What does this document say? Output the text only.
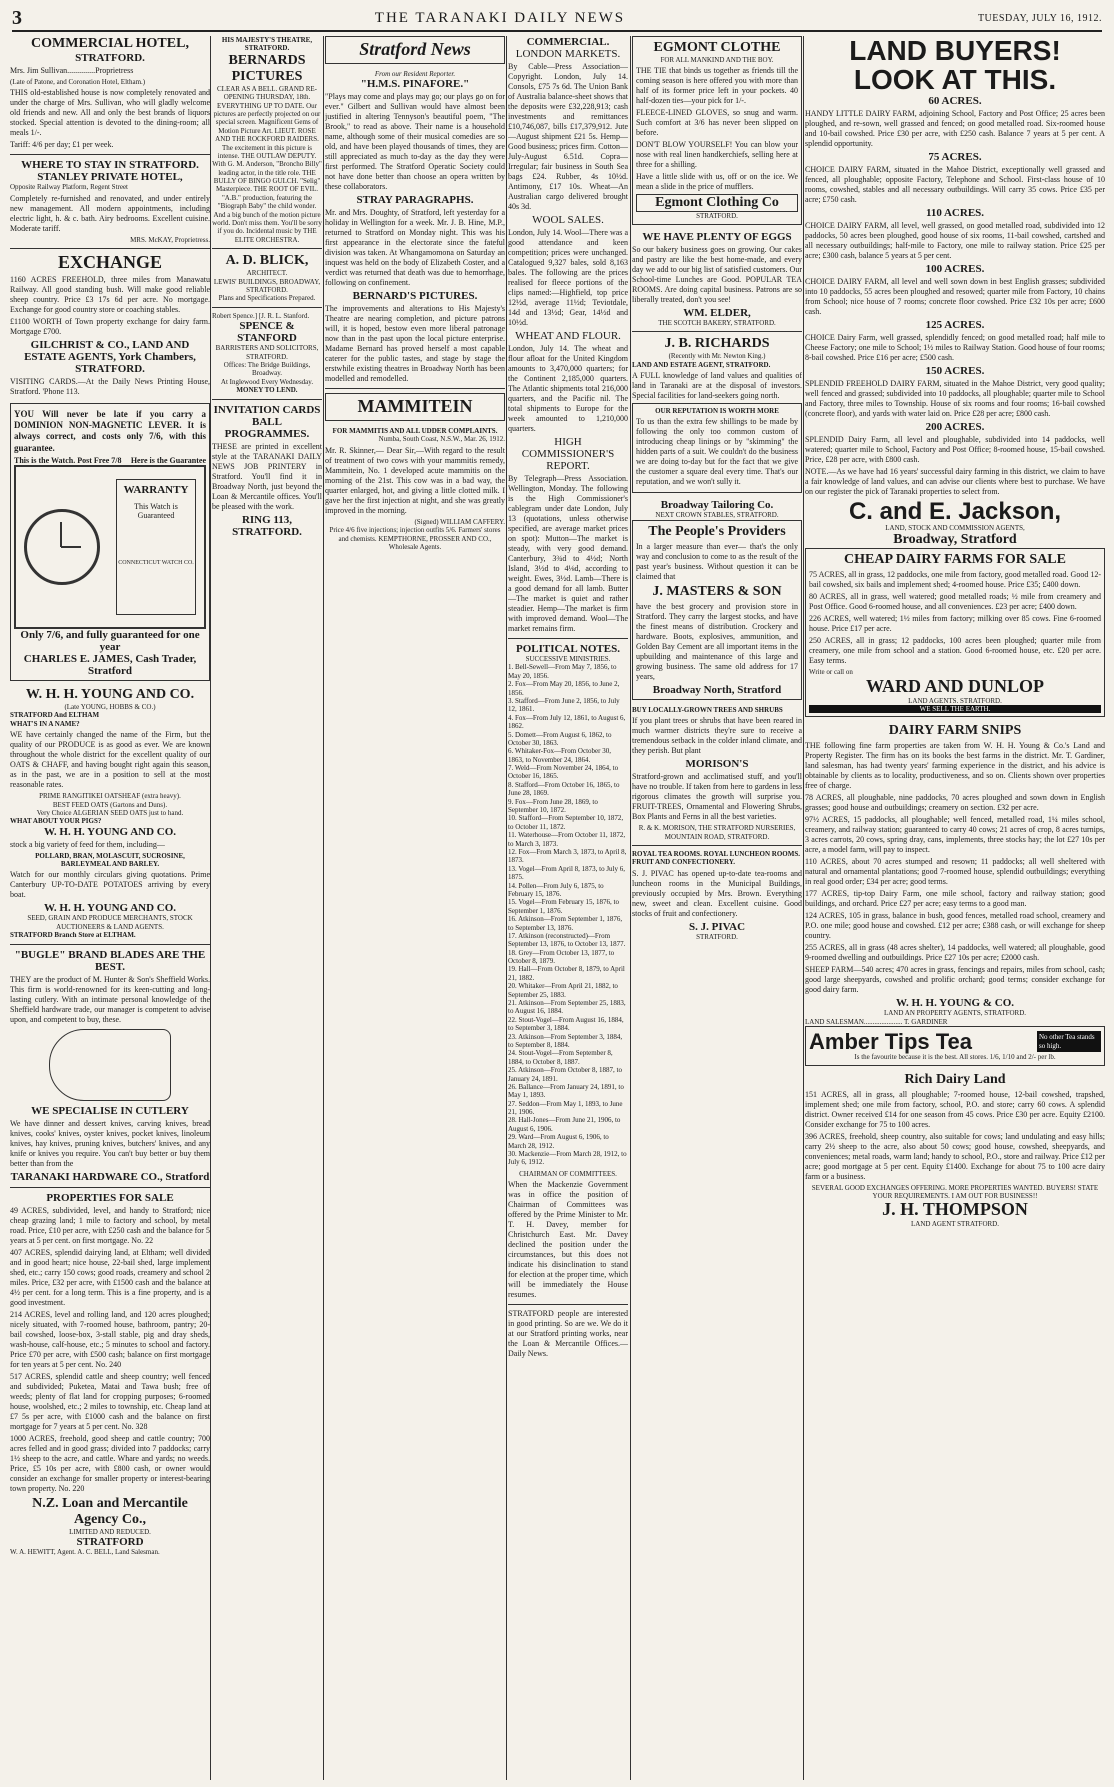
3	THE TARANAKI DAILY NEWS	TUESDAY, JULY 16, 1912.
COMMERCIAL HOTEL,
STRATFORD.
Mrs. Jim Sullivan..............Proprietress
(Late of Patone, and Coronation Hotel, Eltham.)
THIS old-established house is now completely renovated and under the charge of Mrs. Sullivan, who will gladly welcome old friends and new. All and only the best brands of liquors stocked. Special attention is devoted to the dining-room; all meals 1/-.
Tariff: 4/6 per day; £1 per week.
WHERE TO STAY IN STRATFORD.
STANLEY PRIVATE HOTEL,
Opposite Railway Platform, Regent Street
Completely re-furnished and renovated, and under entirely new management. All modern appointments, including electric light, h. & c. bath. Airy bedrooms. Excellent cuisine. Moderate tariff.
MRS. McKAY, Proprietress.
EXCHANGE
1160 ACRES FREEHOLD, three miles from Manawatu Railway. All good standing bush. Will make good reliable sheep country. Price £3 17s 6d per acre. No mortgage. Exchange for good country store or coaching stables.
£1100 WORTH of Town property exchange for dairy farm. Mortgage £700.
GILCHRIST & CO., LAND AND ESTATE AGENTS, York Chambers, STRATFORD.
VISITING CARDS.—At the Daily News Printing House, Stratford. 'Phone 113.
YOU Will never be late if you carry a DOMINION NON-MAGNETIC LEVER. It is always correct, and costs only 7/6, with this guarantee.
This is the Watch. Post Free 7/8 Here is the Guarantee
WARRANTY
This Watch is Guaranteed
CONNECTICUT WATCH CO.
Only 7/6, and fully guaranteed for one year
CHARLES E. JAMES, Cash Trader, Stratford
W. H. H. YOUNG AND CO.
(Late YOUNG, HOBBS & CO.)
STRATFORD And ELTHAM
WHAT'S IN A NAME?
WE have certainly changed the name of the Firm, but the quality of our PRODUCE is as good as ever. We are known throughout the whole district for the excellent quality of our OATS & CHAFF, and having bought right again this season, as in the past, we are in a position to sell at the most reasonable rates.
PRIME RANGITIKEI OATSHEAF (extra heavy).
BEST FEED OATS (Gartons and Duns).
Very Choice ALGERIAN SEED OATS just to hand.
WHAT ABOUT YOUR PIGS?
W. H. H. YOUNG AND CO.
stock a big variety of feed for them, including—
POLLARD, BRAN, MOLASCUIT, SUCROSINE, BARLEYMEAL AND BARLEY.
Watch for our monthly circulars giving quotations. Prime Canterbury UP-TO-DATE POTATOES arriving by every boat.
W. H. H. YOUNG AND CO.
SEED, GRAIN AND PRODUCE MERCHANTS, STOCK AUCTIONEERS & LAND AGENTS.
STRATFORD Branch Store at ELTHAM.
"BUGLE" BRAND BLADES ARE THE BEST.
THEY are the product of M. Hunter & Son's Sheffield Works. This firm is world-renowned for its keen-cutting and long-lasting cutlery. With an intimate personal knowledge of the Sheffield hardware trade, our manager is competent to advise upon, and competent to buy, these.
WE SPECIALISE IN CUTLERY
We have dinner and dessert knives, carving knives, bread knives, cooks' knives, oyster knives, pocket knives, linoleum knives, hay knives, pruning knives, butchers' knives, and any knife or knives you require. You can't buy better or buy them better than from the
TARANAKI HARDWARE CO., Stratford
PROPERTIES FOR SALE
49 ACRES, subdivided, level, and handy to Stratford; nice cheap grazing land; 1 mile to factory and school, by metal road. Price, £10 per acre, with £250 cash and the balance for 5 years at 5 per cent. on first mortgage. No. 22
407 ACRES, splendid dairying land, at Eltham; well divided and in good heart; nice house, 22-bail shed, large implement shed, etc.; carry 150 cows; good roads, creamery and school 2 miles. Price, £32 per acre, with £1500 cash and the balance at 4½ per cent. for a long term. This is a fine property, and is a good investment.
214 ACRES, level and rolling land, and 120 acres ploughed; nicely situated, with 7-roomed house, bathroom, pantry; 20-bail cowshed, loose-box, 3-stall stable, pig and dray sheds, wash-house, calf-house, etc.; 5 minutes to school and factory. Price £70 per acre, with £500 cash; balance on first mortgage for ten years at 5 per cent. No. 240
517 ACRES, splendid cattle and sheep country; well fenced and subdivided; Puketea, Matai and Tawa bush; free of weeds; plenty of flat land for cropping purposes; 6-roomed house, woolshed, etc.; 2 miles to township, etc. Cheap land at £7 5s per acre, with £1000 cash and the balance on first mortgage for 7 years at 5 per cent. No. 328
1000 ACRES, freehold, good sheep and cattle country; 700 acres felled and in good grass; divided into 7 paddocks; carry 1½ sheep to the acre, and cattle. Whare and yards; no weeds. Price, £5 10s per acre, with £800 cash, or owner would consider an exchange for smaller property or interest-bearing town property. No. 220
N.Z. Loan and Mercantile Agency Co.,
LIMITED AND REDUCED.
STRATFORD
W. A. HEWITT, Agent. A. C. BELL, Land Salesman.
HIS MAJESTY'S THEATRE, STRATFORD.
BERNARDS PICTURES
CLEAR AS A BELL. GRAND RE-OPENING THURSDAY, 18th. EVERYTHING UP TO DATE. Our pictures are perfectly projected on our special screen. Magnificent Gems of Motion Picture Art. LIEUT. ROSE AND THE ROCKFORD RAIDERS. The excitement in this picture is intense. THE OUTLAW DEPUTY. With G. M. Anderson, "Broncho Billy" leading actor, in the title role. THE BULLY OF BINGO GULCH. "Selig" Masterpiece. THE ROOT OF EVIL. "A.B." production, featuring the "Biograph Baby" the child wonder. And a big bunch of the motion picture world. Don't miss them. You'll be sorry if you do. Incidental music by THE ELITE ORCHESTRA.
A. D. BLICK,
ARCHITECT.
LEWIS' BUILDINGS, BROADWAY, STRATFORD.
Plans and Specifications Prepared.
Robert Spence.] [J. R. L. Stanford.
SPENCE & STANFORD
BARRISTERS AND SOLICITORS, STRATFORD.
Offices: The Bridge Buildings, Broadway.
At Inglewood Every Wednesday.
MONEY TO LEND.
INVITATION CARDS BALL PROGRAMMES.
THESE are printed in excellent style at the TARANAKI DAILY NEWS JOB PRINTERY in Stratford. You'll find it in Broadway North, just beyond the Loan & Mercantile offices. You'll be pleased with the work.
RING 113, STRATFORD.
Stratford News
From our Resident Reporter.
"H.M.S. PINAFORE."
"Plays may come and plays may go; our plays go on for ever." Gilbert and Sullivan would have almost been justified in altering Tennyson's beautiful poem, "The Brook," to read as above. Their name is a household name, although some of their musical comedies are so old, and have been played thousands of times, they are still appreciated as much to-day as the day they were first performed. The Stratford Operatic Society could not have done better than choose an opera written by these collaborators.
STRAY PARAGRAPHS.
Mr. and Mrs. Doughty, of Stratford, left yesterday for a holiday in Wellington for a week. Mr. J. B. Hine, M.P., returned to Stratford on Monday night. This was his first appearance in the electorate since the fateful division was taken. At Whangamomona on Saturday an inquest was held on the body of Elizabeth Coster, and a verdict was returned that death was due to hemorrhage, following on confinement.
BERNARD'S PICTURES.
The improvements and alterations to His Majesty's Theatre are nearing completion, and picture patrons will, it is hoped, bestow even more liberal patronage now than in the past upon the local picture enterprise. Madame Bernard has proved herself a most capable caterer for the public tastes, and stage by stage the erstwhile existing theatres in Broadway North has been modelled and remodelled.
MAMMITEIN
FOR MAMMITIS AND ALL UDDER COMPLAINTS.
Numba, South Coast, N.S.W., Mar. 26, 1912.
Mr. R. Skinner,— Dear Sir,—With regard to the result of treatment of two cows with your mammitis remedy, Mammitein, No. 1 developed acute mammitis on the morning of the 21st. This cow was in a bad way, the quarter enlarged, hot, and giving a little clotted milk. I gave her the first injection at night, and she was greatly improved in the morning.
(Signed) WILLIAM CAFFERY.
Price 4/6 five injections; injection outfits 5/6. Farmers' stores and chemists. KEMPTHORNE, PROSSER AND CO., Wholesale Agents.
COMMERCIAL.
LONDON MARKETS.
By Cable—Press Association—Copyright. London, July 14. Consols, £75 7s 6d. The Union Bank of Australia balance-sheet shows that the deposits were £32,228,913; cash investments and remittances £10,746,087, bills £17,379,912. Jute—August shipment £21 5s. Hemp—Good business; prices firm. Cotton—July-August 6.51d. Copra—Irregular; fair business in South Sea bags £24. Rubber, 4s 10½d. Antimony, £17 10s. Wheat—An Australian cargo delivered brought 40s 3d.
WOOL SALES.
London, July 14. Wool—There was a good attendance and keen competition; prices were unchanged. Catalogued 9,327 bales, sold 8,163 bales. The following are the prices realised for fleece portions of the clips named:—Highfield, top price 12½d, average 11½d; Teviotdale, 14d and 13½d; Gear, 14½d and 10½d.
WHEAT AND FLOUR.
London, July 14. The wheat and flour afloat for the United Kingdom amounts to 3,470,000 quarters; for the Continent 2,185,000 quarters. The Atlantic shipments total 216,000 quarters, and the Pacific nil. The total shipments to Europe for the week amounted to 1,210,000 quarters.
HIGH COMMISSIONER'S REPORT.
By Telegraph—Press Association. Wellington, Monday. The following is the High Commissioner's cablegram under date London, July 13 (quotations, unless otherwise specified, are average market prices on spot): Mutton—The market is steady, with very good demand. Canterbury, 3¾d to 4½d; North Island, 3½d to 4⅛d, according to weight. Ewes, 3½d. Lamb—There is a good demand for all lamb. Butter—The market is quiet and rather steadier. Hemp—The market is firm with improved demand. Wool—The market remains firm.
POLITICAL NOTES.
SUCCESSIVE MINISTRIES.
1. Bell-Sewell—From May 7, 1856, to May 20, 1856.
2. Fox—From May 20, 1856, to June 2, 1856.
3. Stafford—From June 2, 1856, to July 12, 1861.
4. Fox—From July 12, 1861, to August 6, 1862.
5. Domett—From August 6, 1862, to October 30, 1863.
6. Whitaker-Fox—From October 30, 1863, to November 24, 1864.
7. Weld—From November 24, 1864, to October 16, 1865.
8. Stafford—From October 16, 1865, to June 28, 1869.
9. Fox—From June 28, 1869, to September 10, 1872.
10. Stafford—From September 10, 1872, to October 11, 1872.
11. Waterhouse—From October 11, 1872, to March 3, 1873.
12. Fox—From March 3, 1873, to April 8, 1873.
13. Vogel—From April 8, 1873, to July 6, 1875.
14. Pollen—From July 6, 1875, to February 15, 1876.
15. Vogel—From February 15, 1876, to September 1, 1876.
16. Atkinson—From September 1, 1876, to September 13, 1876.
17. Atkinson (reconstructed)—From September 13, 1876, to October 13, 1877.
18. Grey—From October 13, 1877, to October 8, 1879.
19. Hall—From October 8, 1879, to April 21, 1882.
20. Whitaker—From April 21, 1882, to September 25, 1883.
21. Atkinson—From September 25, 1883, to August 16, 1884.
22. Stout-Vogel—From August 16, 1884, to September 3, 1884.
23. Atkinson—From September 3, 1884, to September 8, 1884.
24. Stout-Vogel—From September 8, 1884, to October 8, 1887.
25. Atkinson—From October 8, 1887, to January 24, 1891.
26. Ballance—From January 24, 1891, to May 1, 1893.
27. Seddon—From May 1, 1893, to June 21, 1906.
28. Hall-Jones—From June 21, 1906, to August 6, 1906.
29. Ward—From August 6, 1906, to March 28, 1912.
30. Mackenzie—From March 28, 1912, to July 6, 1912.
CHAIRMAN OF COMMITTEES.
When the Mackenzie Government was in office the position of Chairman of Committees was offered by the Prime Minister to Mr. T. H. Davey, member for Christchurch East. Mr. Davey declined the position under the circumstances, but this does not indicate his disinclination to stand for election at the proper time, which will be immediately the House resumes.
STRATFORD people are interested in good printing. So are we. We do it at our Stratford printing works, near the Loan & Mercantile Offices.—Daily News.
EGMONT CLOTHE
FOR ALL MANKIND AND THE BOY.
THE TIE that binds us together as friends till the coming season is here offered you with more than half of its former price left in your pockets. 40 half-dozen ties—your pick for 1/-.
FLEECE-LINED GLOVES, so snug and warm. Such comfort at 3/6 has never been slipped on before.
DON'T BLOW YOURSELF! You can blow your nose with real linen handkerchiefs, selling here at three for a shilling.
Have a little slide with us, off or on the ice. We mean a slide in the price of mufflers.
Egmont Clothing Co
STRATFORD.
WE HAVE PLENTY OF EGGS
So our bakery business goes on growing. Our cakes and pastry are like the best home-made, and every day we add to our big list of satisfied customers. Our School-time Lunches are Good. POPULAR TEA ROOMS. Are doing capital business. Patrons are so liberally treated, don't you see!
WM. ELDER,
THE SCOTCH BAKERY, STRATFORD.
J. B. RICHARDS
(Recently with Mr. Newton King.)
LAND AND ESTATE AGENT, STRATFORD.
A FULL knowledge of land values and qualities of land in Taranaki are at the disposal of investors. Special facilities for land-seekers going north.
OUR REPUTATION IS WORTH MORE
To us than the extra few shillings to be made by following the only too common custom of introducing cheap linings or by "skimming" the hidden parts of a suit. We couldn't do the business we are doing to-day but for the fact that we give the customer a square deal every time. That's our reputation, and we won't sully it.
Broadway Tailoring Co.
NEXT CROWN STABLES, STRATFORD.
The People's Providers
In a larger measure than ever— that's the only way and conclusion to come to as the result of the past year's business. Without question it can be claimed that
J. MASTERS & SON
have the best grocery and provision store in Stratford. They carry the largest stocks, and have the finest means of distribution. Crockery and hardware. Boots, explosives, ammunition, and Golden Bay Cement are all important items in the upbuilding and maintenance of this large and growing business. The same old address for 17 years,
Broadway North, Stratford
BUY LOCALLY-GROWN TREES AND SHRUBS
If you plant trees or shrubs that have been reared in much warmer districts they're sure to receive a tremendous setback in the colder inland climate, and they perish. But plant
MORISON'S
Stratford-grown and acclimatised stuff, and you'll have no trouble. If taken from here to gardens in less rigorous climates the growth will surprise you. FRUIT-TREES, Ornamental and Flowering Shrubs, Box Plants and Ferns in all the best varieties.
R. & K. MORISON, THE STRATFORD NURSERIES, MOUNTAIN ROAD, STRATFORD.
ROYAL TEA ROOMS. ROYAL LUNCHEON ROOMS. FRUIT AND CONFECTIONERY.
S. J. PIVAC has opened up-to-date tea-rooms and luncheon rooms in the Municipal Buildings, previously occupied by Mrs. Brown. Everything new, sweet and clean. Excellent cuisine. Good stocks of fruit and confectionery.
S. J. PIVAC
STRATFORD.
LAND BUYERS!
LOOK AT THIS.
60 ACRES.
HANDY LITTLE DAIRY FARM, adjoining School, Factory and Post Office; 25 acres been ploughed, and re-sown, well grassed and fenced; on good metalled road. Six-roomed house and 10-bail cowshed. Price £30 per acre, with £250 cash. Balance 7 years at 5 per cent. A splendid opportunity.
75 ACRES.
CHOICE DAIRY FARM, situated in the Mahoe District, exceptionally well grassed and fenced, all ploughable; opposite Factory, Telephone and School. First-class house of 10 rooms, cowshed, stables and all necessary outbuildings. Will carry 35 cows. Price £35 per acre; £750 cash.
110 ACRES.
CHOICE DAIRY FARM, all level, well grassed, on good metalled road, subdivided into 12 paddocks, 50 acres been ploughed, good house of six rooms, 11-bail cowshed, cartshed and all necessary outbuildings; half-mile to Factory, one mile to railway station. Price £25 per acre; £300 cash, balance 5 years at 5 per cent.
100 ACRES.
CHOICE DAIRY FARM, all level and well sown down in best English grasses; subdivided into 10 paddocks, 55 acres been ploughed and resowed; quarter mile from Factory, 10 chains from School; nice house of 7 rooms; concrete floor cowshed. Price £32 10s per acre; £600 cash.
125 ACRES.
CHOICE Dairy Farm, well grassed, splendidly fenced; on good metalled road; half mile to Cheese Factory; one mile to School; 1½ miles to Railway Station. Good house of four rooms; 8-bail cowshed. Price £16 per acre; £500 cash.
150 ACRES.
SPLENDID FREEHOLD DAIRY FARM, situated in the Mahoe District, very good quality; well fenced and grassed; subdivided into 10 paddocks, all ploughable; quarter mile to School and Factory, three miles to Township. House of six rooms and four rooms; 16-bail cowshed (concrete floor), and yards with water laid on. Price £28 per acre; £800 cash.
200 ACRES.
SPLENDID Dairy Farm, all level and ploughable, subdivided into 14 paddocks, well watered; quarter mile to School, Factory and Post Office; 8-roomed house, 15-bail cowshed. Price, £28 per acre, with £800 cash.
NOTE.—As we have had 16 years' successful dairy farming in this district, we claim to have a fair knowledge of land values, and can advise our clients where best to purchase. We have on our register the pick of Taranaki properties to select from.
C. and E. Jackson,
LAND, STOCK AND COMMISSION AGENTS,
Broadway, Stratford
CHEAP DAIRY FARMS FOR SALE
75 ACRES, all in grass, 12 paddocks, one mile from factory, good metalled road. Good 12-bail cowshed, six bails and implement shed; 4-roomed house. Price £35; £400 down.
80 ACRES, all in grass, well watered; good metalled roads; ½ mile from creamery and Post Office. Good 6-roomed house, and all conveniences. £23 per acre; £400 down.
226 ACRES, well watered; 1½ miles from factory; milking over 85 cows. Fine 6-roomed house. Price £17 per acre.
250 ACRES, all in grass; 12 paddocks, 100 acres been ploughed; quarter mile from creamery, one mile from school and a station. Good 6-roomed house, etc. £20 per acre. Easy terms.
Write or call on
WARD AND DUNLOP
LAND AGENTS. STRATFORD.
WE SELL THE EARTH.
DAIRY FARM SNIPS
THE following fine farm properties are taken from W. H. H. Young & Co.'s Land and Property Register. The firm has on its books the best farms in the district. Mr. T. Gardiner, land salesman, has had twenty years' farming experience in the district, and his advice is obtainable by clients as to locality, productiveness, and so on. Clients shown over properties free of charge.
78 ACRES, all ploughable, nine paddocks, 70 acres ploughed and sown down in English grasses; good house and outbuildings; creamery on section. £32 per acre.
97½ ACRES, 15 paddocks, all ploughable; well fenced, metalled road, 1¼ miles school, creamery, and railway station; guaranteed to carry 40 cows; 21 acres of crop, 8 acres turnips, 3 acres carrots, 20 cows, spring dray, cans, implements, three stocks hay; the lot £27 10s per acre, a model farm, will pay to inspect.
110 ACRES, about 70 acres stumped and resown; 11 paddocks; all well sheltered with natural and ornamental plantations; good 7-roomed house, splendid outbuildings; everything in real good order; £34 per acre; good terms.
177 ACRES, tip-top Dairy Farm, one mile school, factory and railway station; good buildings, and orchard. Price £27 per acre; easy terms to a good man.
124 ACRES, 105 in grass, balance in bush, good fences, metalled road school, creamery and P.O. one mile; good house and cowshed. £12 per acre; £388 cash, or will exchange for sheep country.
255 ACRES, all in grass (48 acres shelter), 14 paddocks, well watered; all ploughable, good 9-roomed dwelling and outbuildings. Price £27 10s per acre; £2000 cash.
SHEEP FARM—540 acres; 470 acres in grass, fencings and repairs, miles from school, cash; good large sheepyards, cowshed and prolific orchard; good terms; consider exchange for good dairy farm.
W. H. H. YOUNG & CO.
LAND AN PROPERTY AGENTS, STRATFORD.
LAND SALESMAN...................... T. GARDINER
Amber Tips Tea	No other Tea stands so high.
Is the favourite because it is the best. All stores. 1/6, 1/10 and 2/- per lb.
Rich Dairy Land
151 ACRES, all in grass, all ploughable; 7-roomed house, 12-bail cowshed, trapshed, implement shed; one mile from factory, school, P.O. and store; carry 60 cows. A splendid district. Owner received £14 for one season from 45 cows. Price £30 per acre. Equity £2100. Consider exchange for 75 to 100 acres.
396 ACRES, freehold, sheep country, also suitable for cows; land undulating and easy hills; carry 2½ sheep to the acre, also about 50 cows; good house, cowshed, sheepyards, and conveniences; metal roads, warm land; handy to school, P.O., store and railway. Price £12 per acre; good mortgage at 5 per cent. Equity £1400. Exchange for about 75 to 100 acre dairy farm or a business.
SEVERAL GOOD EXCHANGES OFFERING. MORE PROPERTIES WANTED. BUYERS! STATE YOUR REQUIREMENTS. I AM OUT FOR BUSINESS!!
J. H. THOMPSON
LAND AGENT STRATFORD.
